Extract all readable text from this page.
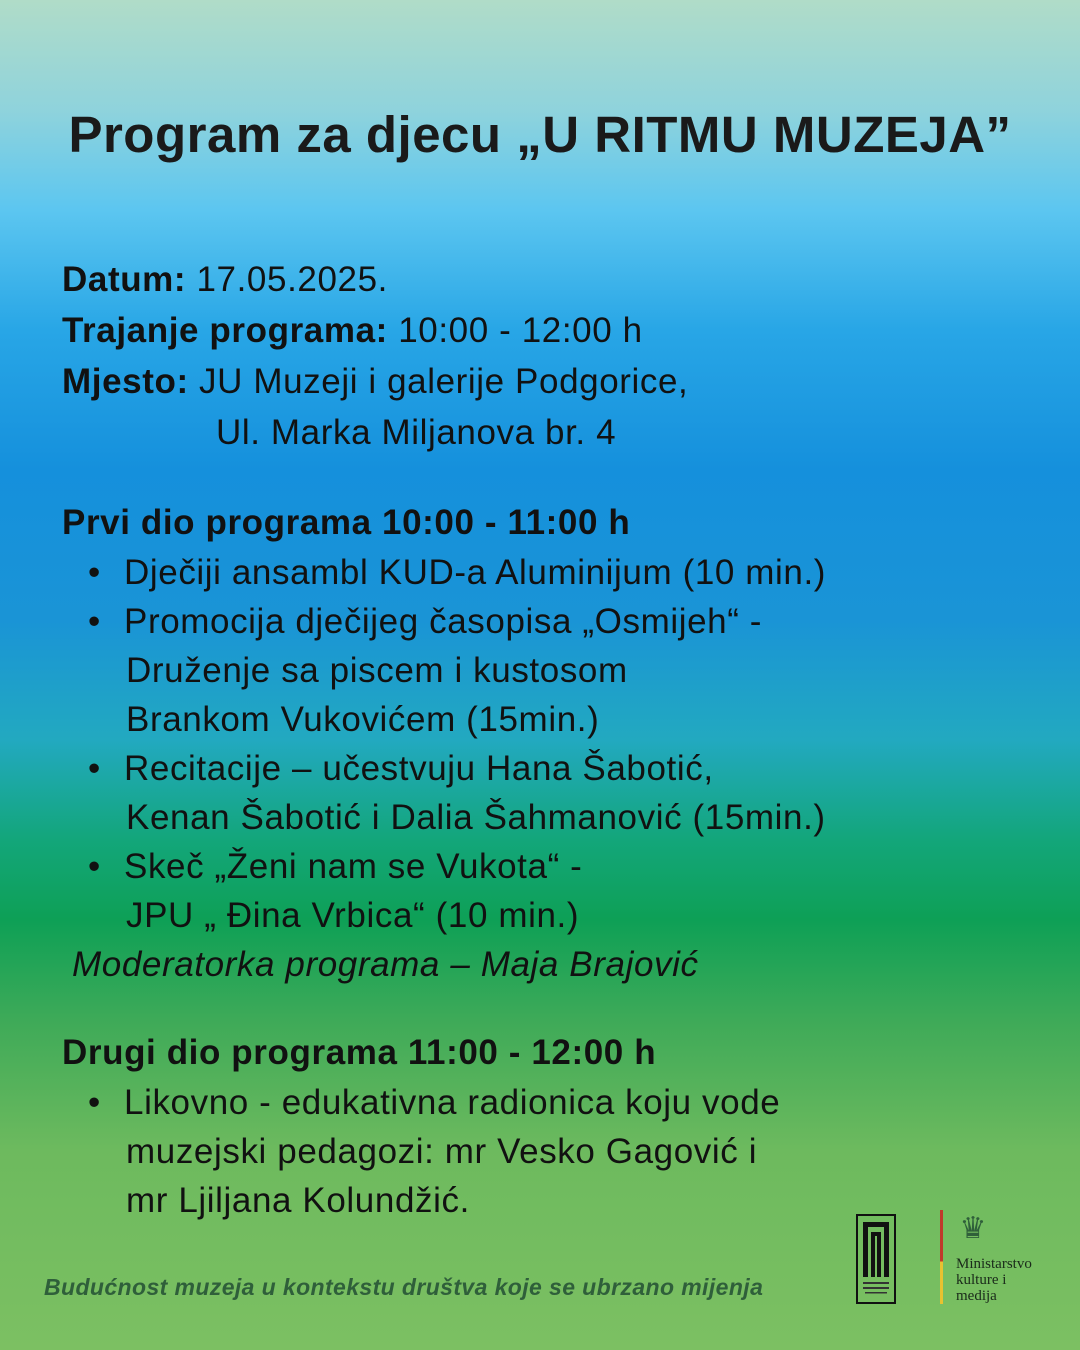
Program za djecu „U RITMU MUZEJA”
Datum: 17.05.2025.
Trajanje programa: 10:00 - 12:00 h
Mjesto: JU Muzeji i galerije Podgorice,
Ul. Marka Miljanova br. 4
Prvi dio programa 10:00 - 11:00 h
• Dječiji ansambl KUD-a Aluminijum (10 min.)
• Promocija dječijeg časopisa „Osmijeh“ -
Druženje sa piscem i kustosom
Brankom Vukovićem (15min.)
• Recitacije – učestvuju Hana Šabotić,
Kenan Šabotić i Dalia Šahmanović (15min.)
• Skeč „Ženi nam se Vukota“ -
JPU „ Đina Vrbica“ (10 min.)
Moderatorka programa – Maja Brajović
Drugi dio programa 11:00 - 12:00 h
• Likovno - edukativna radionica koju vode
muzejski pedagozi: mr Vesko Gagović i
mr Ljiljana Kolundžić.
Budućnost muzeja u kontekstu društva koje se ubrzano mijenja
♛
Ministarstvo
kulture i
medija
